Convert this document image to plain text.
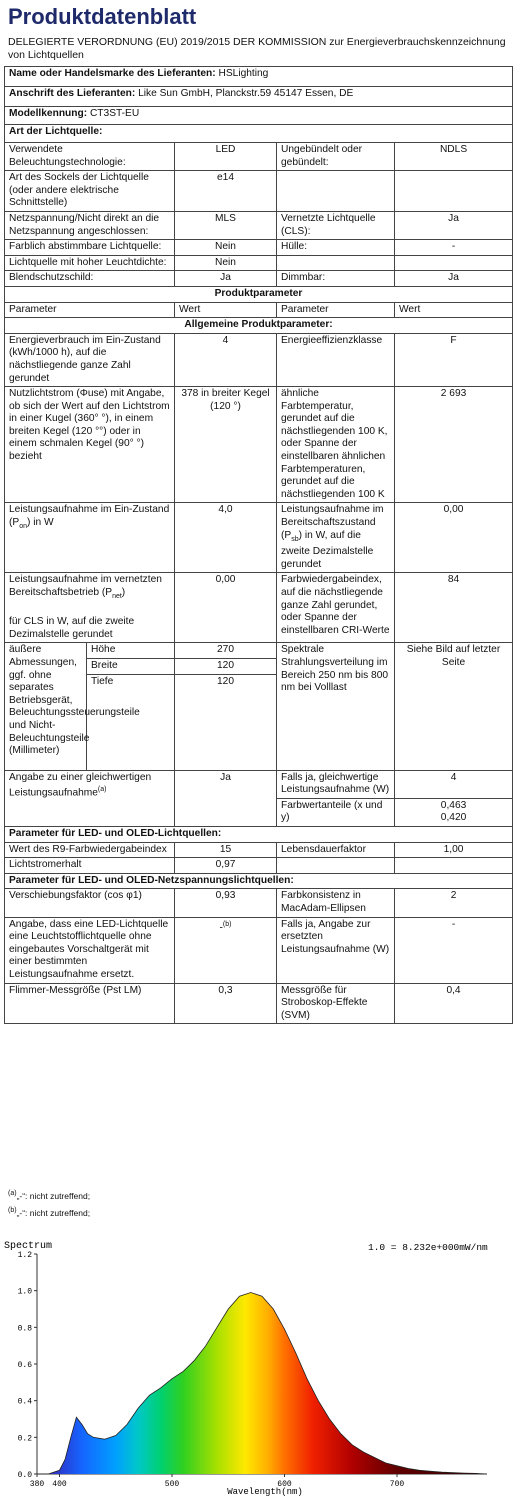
Produktdatenblatt
DELEGIERTE VERORDNUNG (EU) 2019/2015 DER KOMMISSION zur Energieverbrauchskennzeichnung von Lichtquellen
Name oder Handelsmarke des Lieferanten: HSLighting				
Anschrift des Lieferanten: Like Sun GmbH, Planckstr.59 45147 Essen, DE				
Modellkennung: CT3ST-EU				
Art der Lichtquelle:				
Verwendete Beleuchtungstechnologie:		LED	Ungebündelt oder gebündelt:	NDLS
Art des Sockels der Lichtquelle (oder andere elektrische Schnittstelle)		e14		
Netzspannung/Nicht direkt an die Netzspannung angeschlossen:		MLS	Vernetzte Lichtquelle (CLS):	Ja
Farblich abstimmbare Lichtquelle:		Nein	Hülle:	-
Lichtquelle mit hoher Leuchtdichte:		Nein		
Blendschutzschild:		Ja	Dimmbar:	Ja
Produktparameter				
Parameter		Wert	Parameter	Wert
Allgemeine Produktparameter:				
Energieverbrauch im Ein-Zustand (kWh/1000 h), auf die nächstliegende ganze Zahl gerundet		4	Energieeffizienzklasse	F
Nutzlichtstrom (Φuse) mit Angabe, ob sich der Wert auf den Lichtstrom in einer Kugel (360° °), in einem breiten Kegel (120 °°) oder in einem schmalen Kegel (90° °) bezieht		378 in breiter Kegel (120 °)	ähnliche Farbtemperatur, gerundet auf die nächstliegenden 100 K, oder Spanne der einstellbaren ähnlichen Farbtemperaturen, gerundet auf die nächstliegenden 100 K	2 693
Leistungsaufnahme im Ein-Zustand $(P_{on})$ in W		4,0	Leistungsaufnahme im Bereitschaftszustand $(P_{sb})$ in W, auf die zweite Dezimalstelle gerundet	0,00
Leistungsaufnahme im vernetzten Bereitschaftsbetrieb $(P_{net})$

für CLS in W, auf die zweite Dezimalstelle gerundet		0,00	Farbwiedergabeindex, auf die nächstliegende ganze Zahl gerundet, oder Spanne der einstellbaren CRI-Werte	84
äußere Abmessungen, ggf. ohne separates Betriebsgerät, Beleuchtungssteuerungsteile und Nicht-Beleuchtungsteile (Millimeter)	Höhe	270	Spektrale Strahlungsverteilung im Bereich 250 nm bis 800 nm bei Volllast	Siehe Bild auf letzter Seite
	Breite	120		
	Tiefe	120		
Angabe zu einer gleichwertigen Leistungsaufnahme$^{(a)}$		Ja	Falls ja, gleichwertige Leistungsaufnahme (W)	4
			Farbwertanteile (x und y)	0,463
0,420
Parameter für LED- und OLED-Lichtquellen:				
Wert des R9-Farbwiedergabeindex		15	Lebensdauerfaktor	1,00
Lichtstromerhalt		0,97		
Parameter für LED- und OLED-Netzspannungslichtquellen:				
Verschiebungsfaktor (cos φ1)		0,93	Farbkonsistenz in MacAdam-Ellipsen	2
Angabe, dass eine LED-Lichtquelle eine Leuchtstofflichtquelle ohne eingebautes Vorschaltgerät mit einer bestimmten Leistungsaufnahme ersetzt.		-$^{(b)}$	Falls ja, Angabe zur ersetzten Leistungsaufnahme (W)	-
Flimmer-Messgröße (Pst LM)		0,3	Messgröße für Stroboskop-Effekte (SVM)	0,4
$^{(a)}$„-“: nicht zutreffend;
$^{(b)}$„-“: nicht zutreffend;
Spectrum	1.0 = 8.232e+000mW/nm
0.0
0.2
0.4
0.6
0.8
1.0
1.2
380 400	500	600	700
Wavelength(nm)
